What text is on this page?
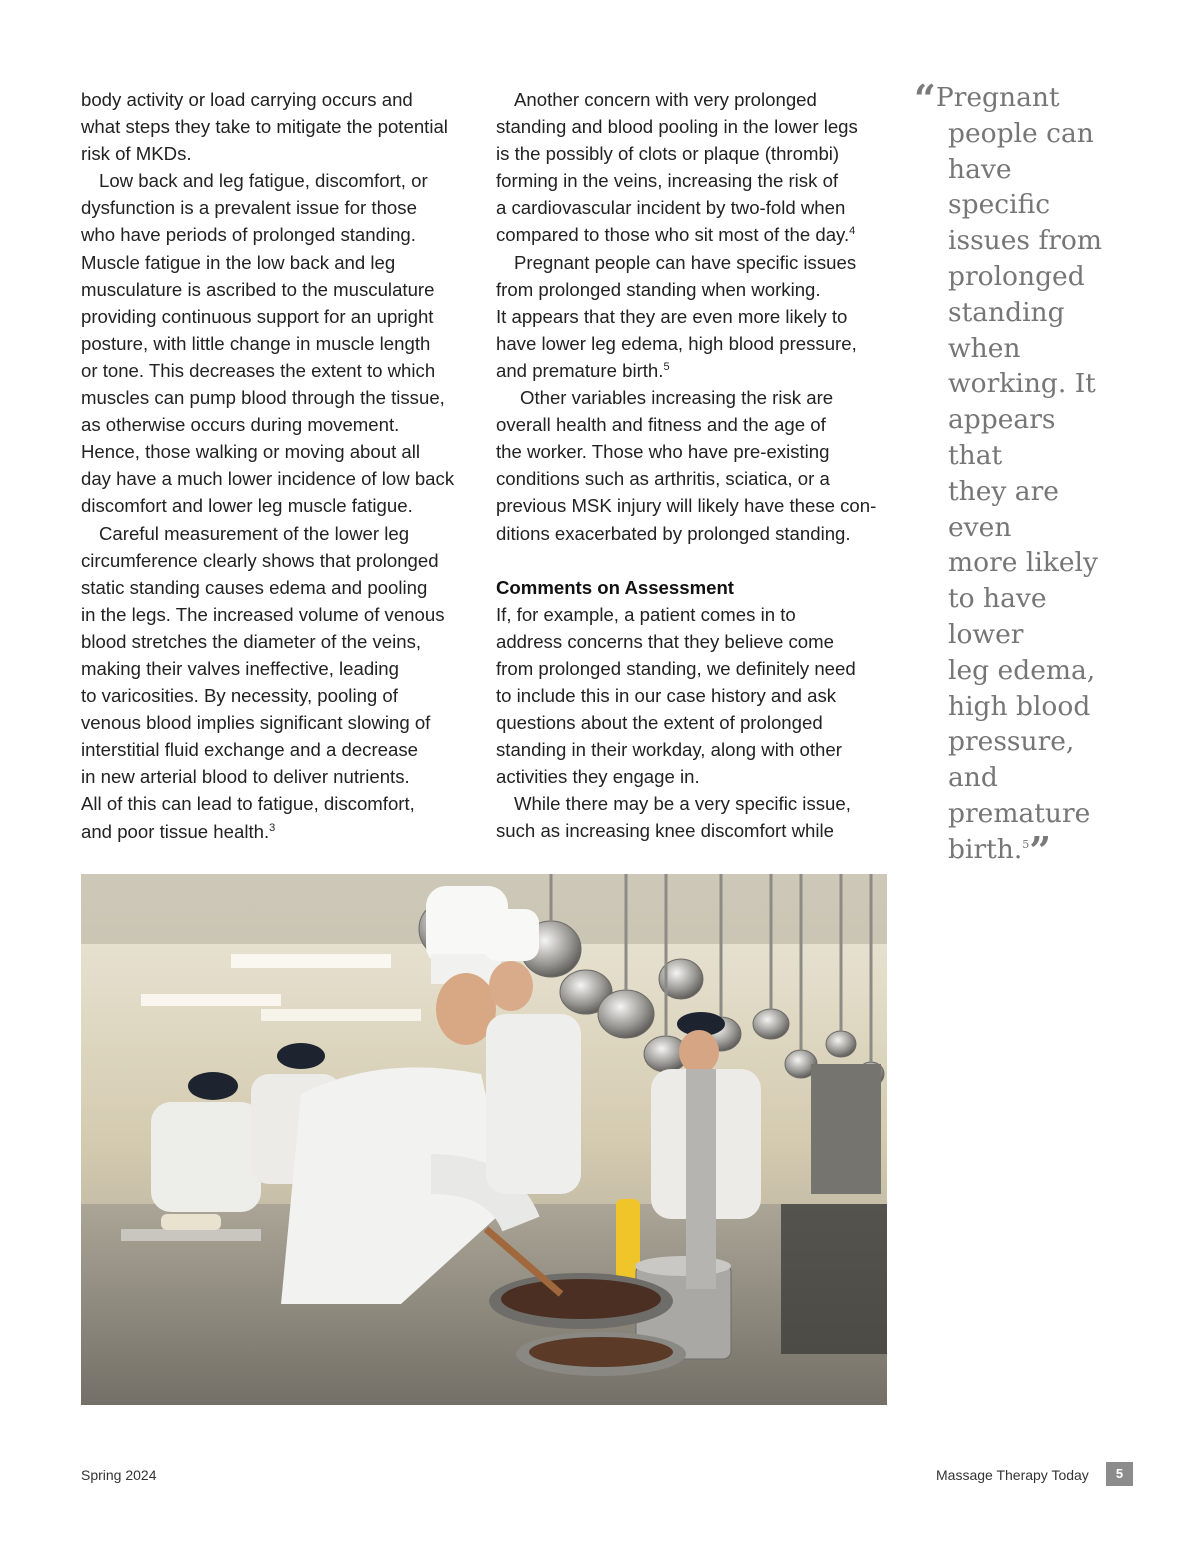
body activity or load carrying occurs and
what steps they take to mitigate the potential
risk of MKDs.

Low back and leg fatigue, discomfort, or
dysfunction is a prevalent issue for those
who have periods of prolonged standing.
Muscle fatigue in the low back and leg
musculature is ascribed to the musculature
providing continuous support for an upright
posture, with little change in muscle length
or tone. This decreases the extent to which
muscles can pump blood through the tissue,
as otherwise occurs during movement.
Hence, those walking or moving about all
day have a much lower incidence of low back
discomfort and lower leg muscle fatigue.

Careful measurement of the lower leg
circumference clearly shows that prolonged
static standing causes edema and pooling
in the legs. The increased volume of venous
blood stretches the diameter of the veins,
making their valves ineffective, leading
to varicosities. By necessity, pooling of
venous blood implies significant slowing of
interstitial fluid exchange and a decrease
in new arterial blood to deliver nutrients.
All of this can lead to fatigue, discomfort,
and poor tissue health.$^3$

Another concern with very prolonged
standing and blood pooling in the lower legs
is the possibly of clots or plaque (thrombi)
forming in the veins, increasing the risk of
a cardiovascular incident by two-fold when
compared to those who sit most of the day.$^4$

Pregnant people can have specific issues
from prolonged standing when working.
It appears that they are even more likely to
have lower leg edema, high blood pressure,
and premature birth.$^5$

Other variables increasing the risk are
overall health and fitness and the age of
the worker. Those who have pre-existing
conditions such as arthritis, sciatica, or a
previous MSK injury will likely have these con-
ditions exacerbated by prolonged standing.

Comments on Assessment

If, for example, a patient comes in to
address concerns that they believe come
from prolonged standing, we definitely need
to include this in our case history and ask
questions about the extent of prolonged
standing in their workday, along with other
activities they engage in.

While there may be a very specific issue,
such as increasing knee discomfort while

“Pregnant
people can
have specific
issues from
prolonged
standing
when
working. It
appears that
they are even
more likely
to have lower
leg edema,
high blood
pressure, and
premature
birth.$^5$”
Spring 2024	Massage Therapy Today	5
